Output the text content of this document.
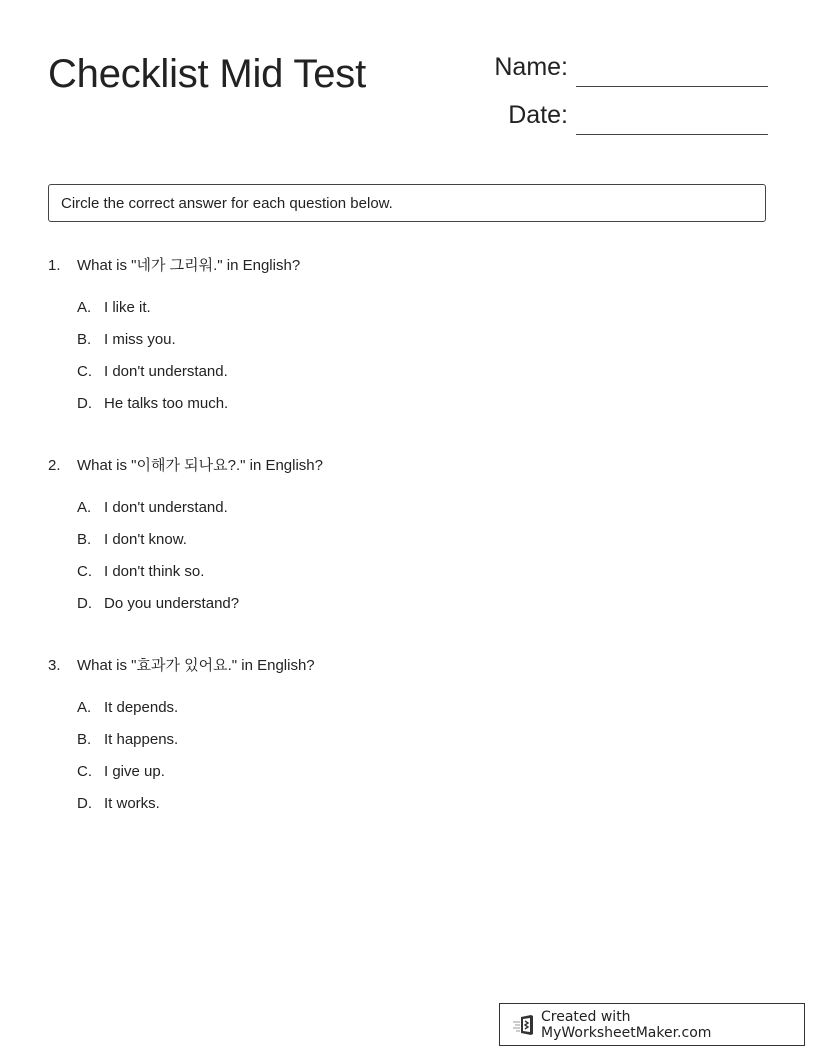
Checklist Mid Test	Name:
Date:
Circle the correct answer for each question below.
1.	What is "네가 그리워." in English?
A. I like it.
B. I miss you.
C. I don't understand.
D. He talks too much.
2.	What is "이해가 되나요?." in English?
A. I don't understand.
B. I don't know.
C. I don't think so.
D. Do you understand?
3.	What is "효과가 있어요." in English?
A. It depends.
B. It happens.
C. I give up.
D. It works.
Created with MyWorksheetMaker.com
